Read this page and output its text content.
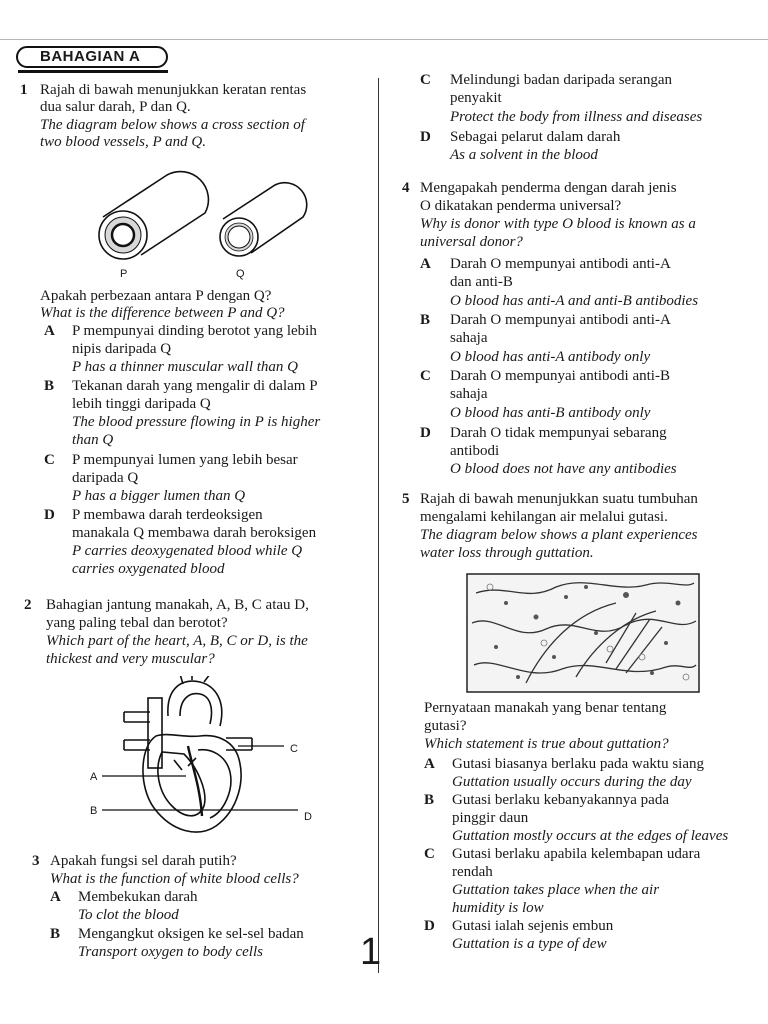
BAHAGIAN A
1 Rajah di bawah menunjukkan keratan rentas
dua salur darah, P dan Q.
The diagram below shows a cross section of
two blood vessels, P and Q.
P	Q
Apakah perbezaan antara P dengan Q?
What is the difference between P and Q?
A P mempunyai dinding berotot yang lebih
nipis daripada Q
P has a thinner muscular wall than Q
B Tekanan darah yang mengalir di dalam P
lebih tinggi daripada Q
The blood pressure flowing in P is higher
than Q
C P mempunyai lumen yang lebih besar
daripada Q
P has a bigger lumen than Q
D P membawa darah terdeoksigen
manakala Q membawa darah beroksigen
P carries deoxygenated blood while Q
carries oxygenated blood
2 Bahagian jantung manakah, A, B, C atau D,
yang paling tebal dan berotot?
Which part of the heart, A, B, C or D, is the
thickest and very muscular?
C
A
B	D
3 Apakah fungsi sel darah putih?
What is the function of white blood cells?
A Membekukan darah
To clot the blood
B Mengangkut oksigen ke sel-sel badan
Transport oxygen to body cells
C Melindungi badan daripada serangan
penyakit
Protect the body from illness and diseases
D Sebagai pelarut dalam darah
As a solvent in the blood
4 Mengapakah penderma dengan darah jenis
O dikatakan penderma universal?
Why is donor with type O blood is known as a
universal donor?
A Darah O mempunyai antibodi anti-A
dan anti-B
O blood has anti-A and anti-B antibodies
B Darah O mempunyai antibodi anti-A
sahaja
O blood has anti-A antibody only
C Darah O mempunyai antibodi anti-B
sahaja
O blood has anti-B antibody only
D Darah O tidak mempunyai sebarang
antibodi
O blood does not have any antibodies
5 Rajah di bawah menunjukkan suatu tumbuhan
mengalami kehilangan air melalui gutasi.
The diagram below shows a plant experiences
water loss through guttation.
Pernyataan manakah yang benar tentang
gutasi?
Which statement is true about guttation?
A Gutasi biasanya berlaku pada waktu siang
Guttation usually occurs during the day
B Gutasi berlaku kebanyakannya pada
pinggir daun
Guttation mostly occurs at the edges of leaves
C Gutasi berlaku apabila kelembapan udara
rendah
Guttation takes place when the air
humidity is low
D Gutasi ialah sejenis embun
Guttation is a type of dew
1
